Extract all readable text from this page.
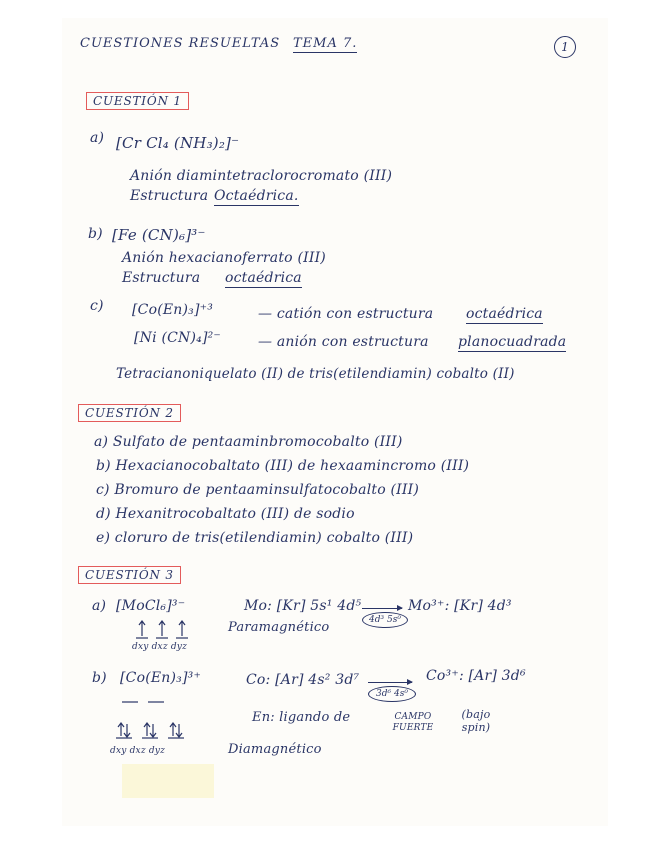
CUESTIONES RESUELTAS TEMA 7.	1
CUESTIÓN 1
a) [Cr Cl₄ (NH₃)₂]⁻
Anión diamintetraclorocromato (III)
Estructura Octaédrica.
b) [Fe (CN)₆]³⁻
Anión hexacianoferrato (III)
Estructura octaédrica
c) [Co(En)₃]⁺³	— catión con estructura octaédrica
[Ni (CN)₄]²⁻	— anión con estructura planocuadrada
Tetracianoniquelato (II) de tris(etilendiamin) cobalto (II)
CUESTIÓN 2
a) Sulfato de pentaaminbromocobalto (III)
b) Hexacianocobaltato (III) de hexaamincromo (III)
c) Bromuro de pentaaminsulfatocobalto (III)
d) Hexanitrocobaltato (III) de sodio
e) cloruro de tris(etilendiamin) cobalto (III)
CUESTIÓN 3
a) [MoCl₆]³⁻	Mo: [Kr] 5s¹ 4d⁵
4d³ 5s⁰
Mo³⁺: [Kr] 4d³
dxy dxz dyz
Paramagnético
b) [Co(En)₃]³⁺	Co: [Ar] 4s² 3d⁷
3d⁶ 4s⁰
Co³⁺: [Ar] 3d⁶
dxy dxz dyz
En: ligando de	CAMPO FUERTE
(bajo spin)
Diamagnético
